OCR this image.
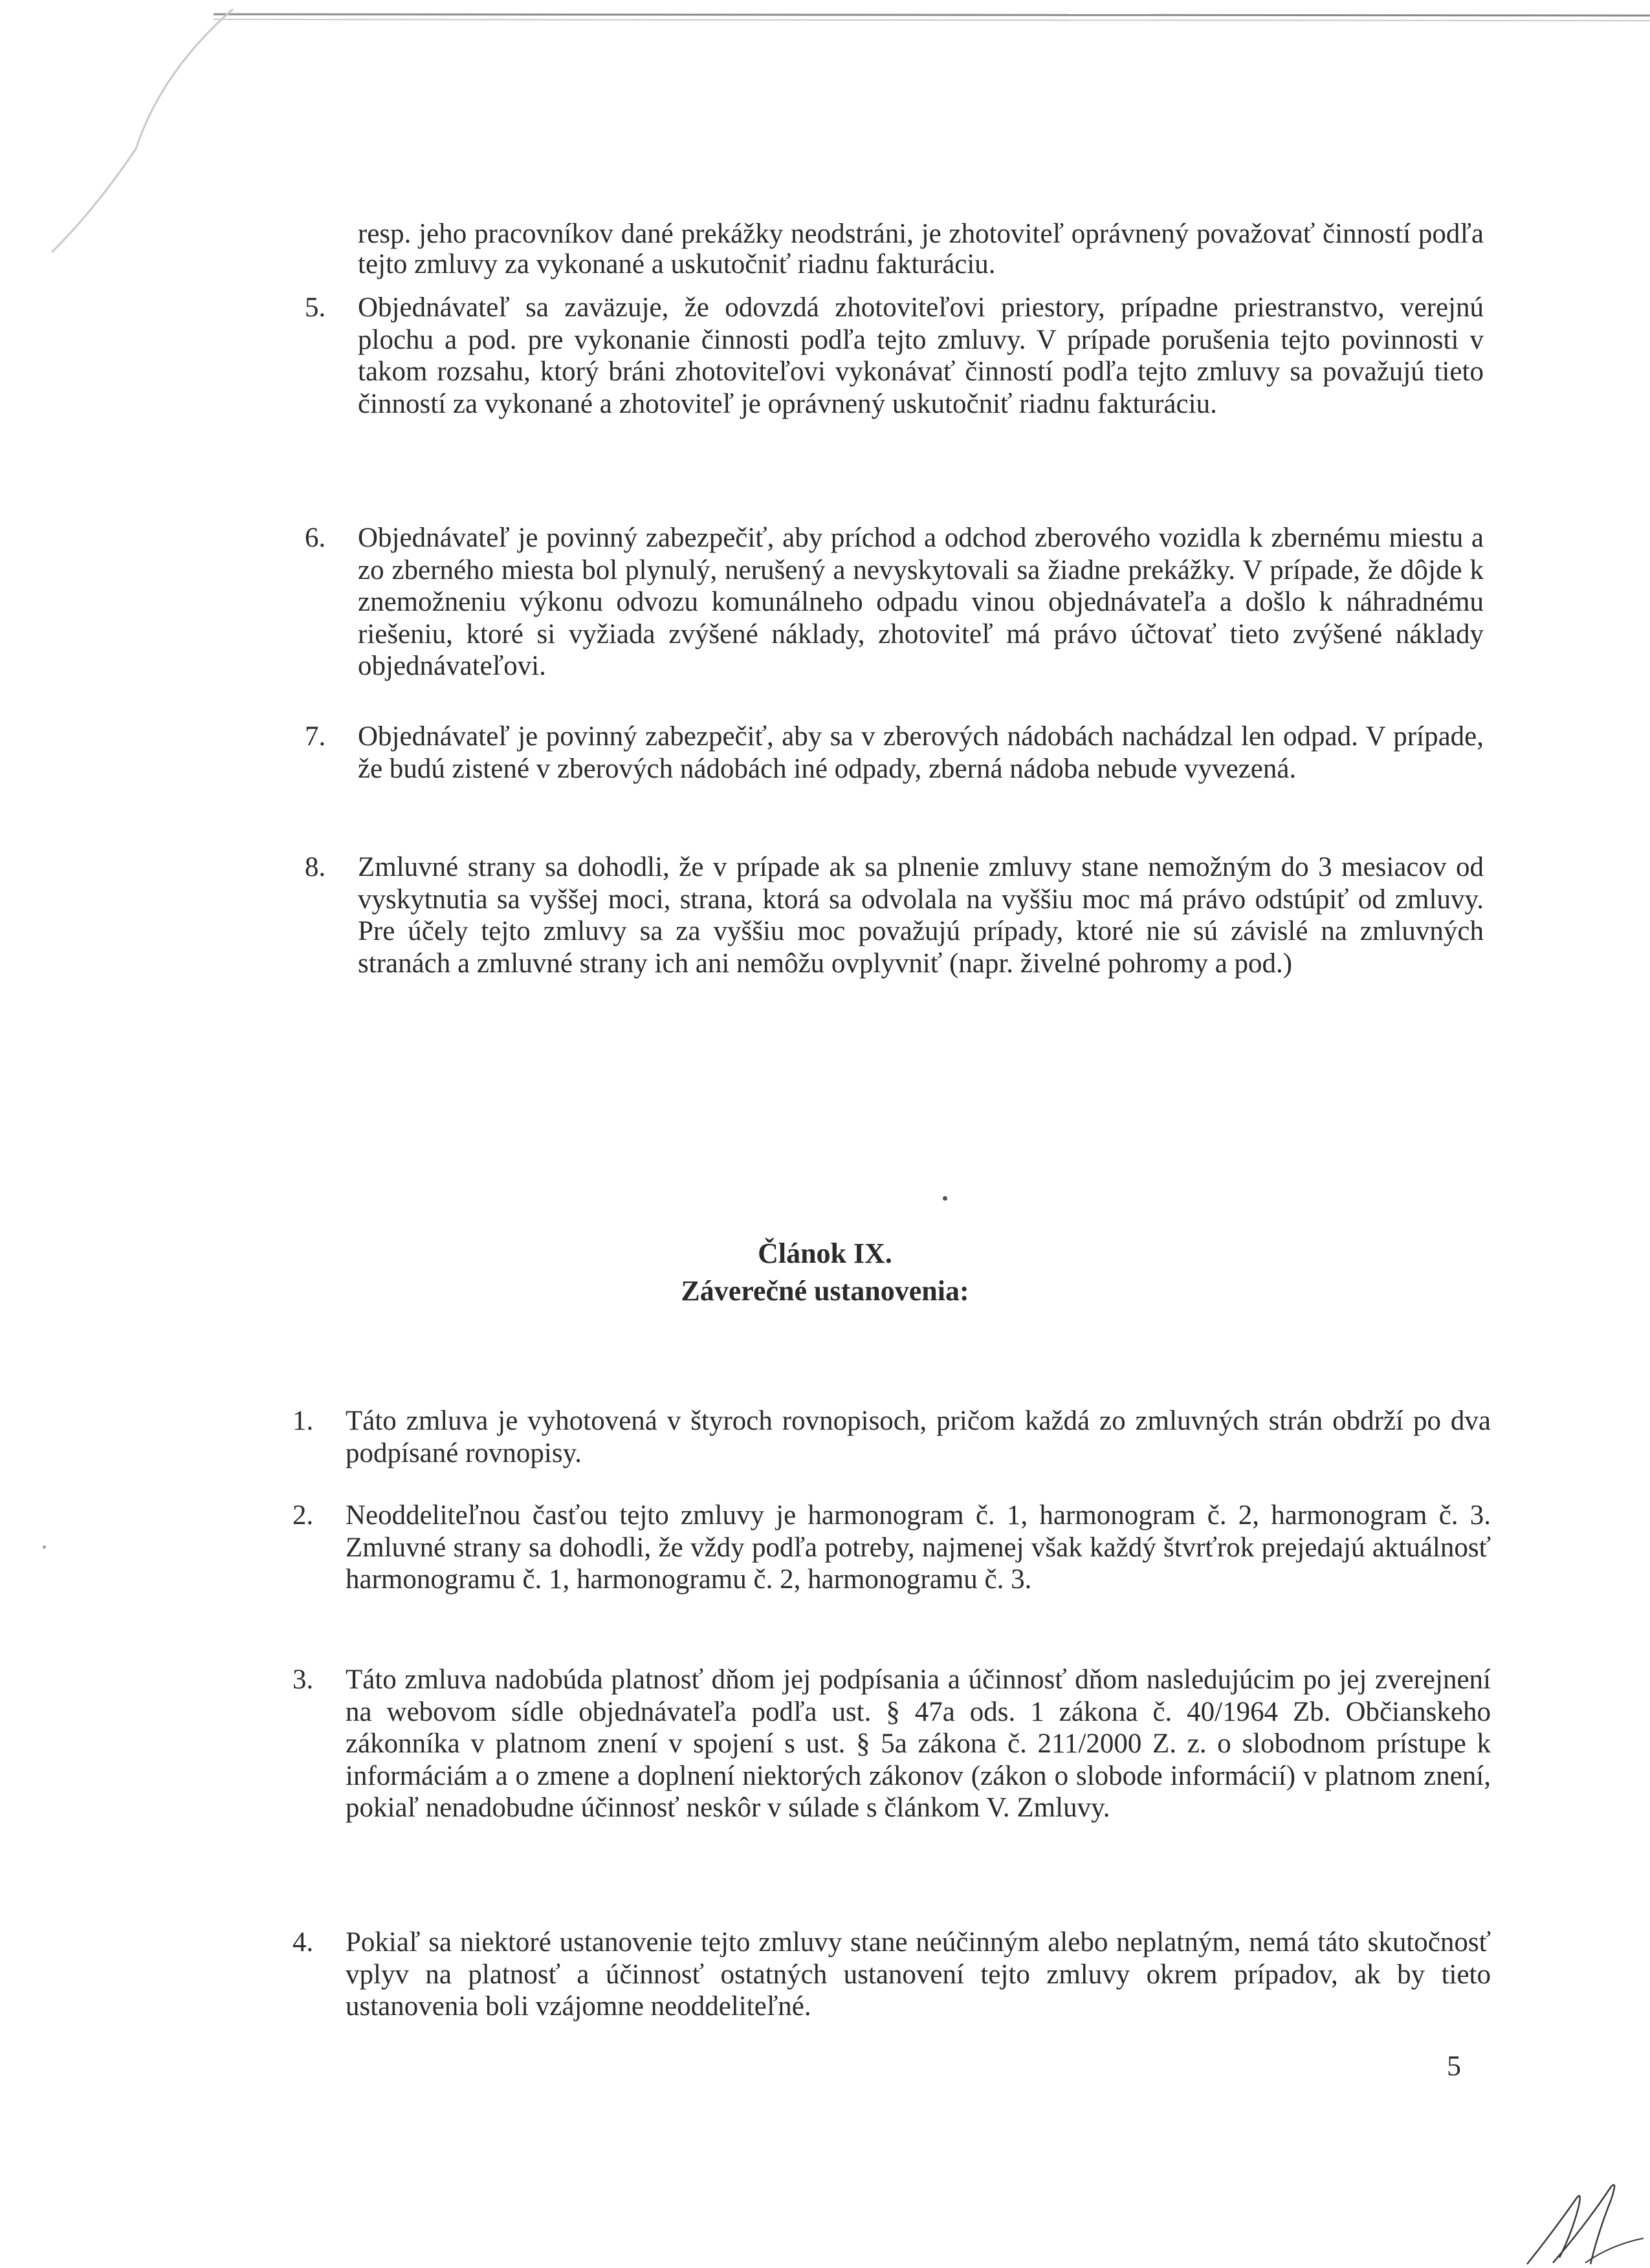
resp. jeho pracovníkov dané prekážky neodstráni, je zhotoviteľ oprávnený považovať činností podľa tejto zmluvy za vykonané a uskutočniť riadnu fakturáciu.
5.	Objednávateľ sa zaväzuje, že odovzdá zhotoviteľovi priestory, prípadne priestranstvo, verejnú plochu a pod. pre vykonanie činnosti podľa tejto zmluvy. V prípade porušenia tejto povinnosti v takom rozsahu, ktorý bráni zhotoviteľovi vykonávať činností podľa tejto zmluvy sa považujú tieto činností za vykonané a zhotoviteľ je oprávnený uskutočniť riadnu fakturáciu.
6.	Objednávateľ je povinný zabezpečiť, aby príchod a odchod zberového vozidla k zbernému miestu a zo zberného miesta bol plynulý, nerušený a nevyskytovali sa žiadne prekážky. V prípade, že dôjde k znemožneniu výkonu odvozu komunálneho odpadu vinou objednávateľa a došlo k náhradnému riešeniu, ktoré si vyžiada zvýšené náklady, zhotoviteľ má právo účtovať tieto zvýšené náklady objednávateľovi.
7.	Objednávateľ je povinný zabezpečiť, aby sa v zberových nádobách nachádzal len odpad. V prípade, že budú zistené v zberových nádobách iné odpady, zberná nádoba nebude vyvezená.
8.	Zmluvné strany sa dohodli, že v prípade ak sa plnenie zmluvy stane nemožným do 3 mesiacov od vyskytnutia sa vyššej moci, strana, ktorá sa odvolala na vyššiu moc má právo odstúpiť od zmluvy. Pre účely tejto zmluvy sa za vyššiu moc považujú prípady, ktoré nie sú závislé na zmluvných stranách a zmluvné strany ich ani nemôžu ovplyvniť (napr. živelné pohromy a pod.)
Článok IX.
Záverečné ustanovenia:
1.	Táto zmluva je vyhotovená v štyroch rovnopisoch, pričom každá zo zmluvných strán obdrží po dva podpísané rovnopisy.
2.	Neoddeliteľnou časťou tejto zmluvy je harmonogram č. 1, harmonogram č. 2, harmonogram č. 3. Zmluvné strany sa dohodli, že vždy podľa potreby, najmenej však každý štvrťrok prejedajú aktuálnosť harmonogramu č. 1, harmonogramu č. 2, harmonogramu č. 3.
3.	Táto zmluva nadobúda platnosť dňom jej podpísania a účinnosť dňom nasledujúcim po jej zverejnení na webovom sídle objednávateľa podľa ust. § 47a ods. 1 zákona č. 40/1964 Zb. Občianskeho zákonníka v platnom znení v spojení s ust. § 5a zákona č. 211/2000 Z. z. o slobodnom prístupe k informáciám a o zmene a doplnení niektorých zákonov (zákon o slobode informácií) v platnom znení, pokiaľ nenadobudne účinnosť neskôr v súlade s článkom V. Zmluvy.
4.	Pokiaľ sa niektoré ustanovenie tejto zmluvy stane neúčinným alebo neplatným, nemá táto skutočnosť vplyv na platnosť a účinnosť ostatných ustanovení tejto zmluvy okrem prípadov, ak by tieto ustanovenia boli vzájomne neoddeliteľné.
5
